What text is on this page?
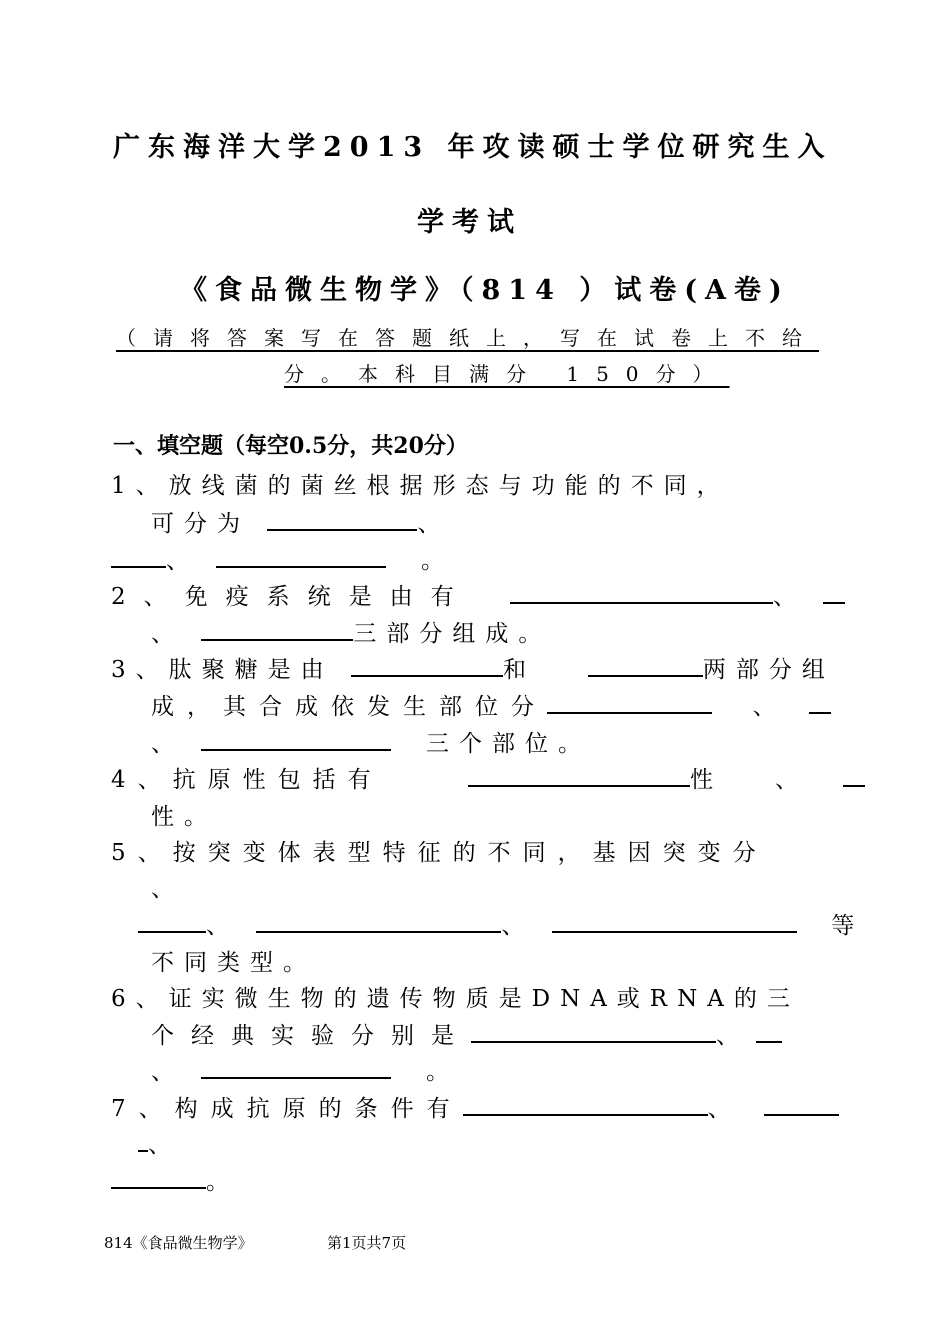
广东海洋大学2013 年攻读硕士学位研究生入
学考试
《食品微生物学》（814 ）试卷(A卷)
（请将答案写在答题纸上，写在试卷上不给
分。本科目满分 150分）
一、填空题（每空0.5分，共20分）
1、放线菌的菌丝根据形态与功能的不同，
可分为	、
、	。
2、免疫系统是由有	、
、	三部分组成。
3、肽聚糖是由	和	两部分组
成，其合成依发生部位分	、
、	三个部位。
4、抗原性包括有	性 、
性。
5、按突变体表型特征的不同，基因突变分
、
、	、	等
不同类型。
6、证实微生物的遗传物质是DNA或RNA的三
个经典实验分别是	、
、	。
7、构成抗原的条件有	、
、
。
814《食品微生物学》	第1页共7页
